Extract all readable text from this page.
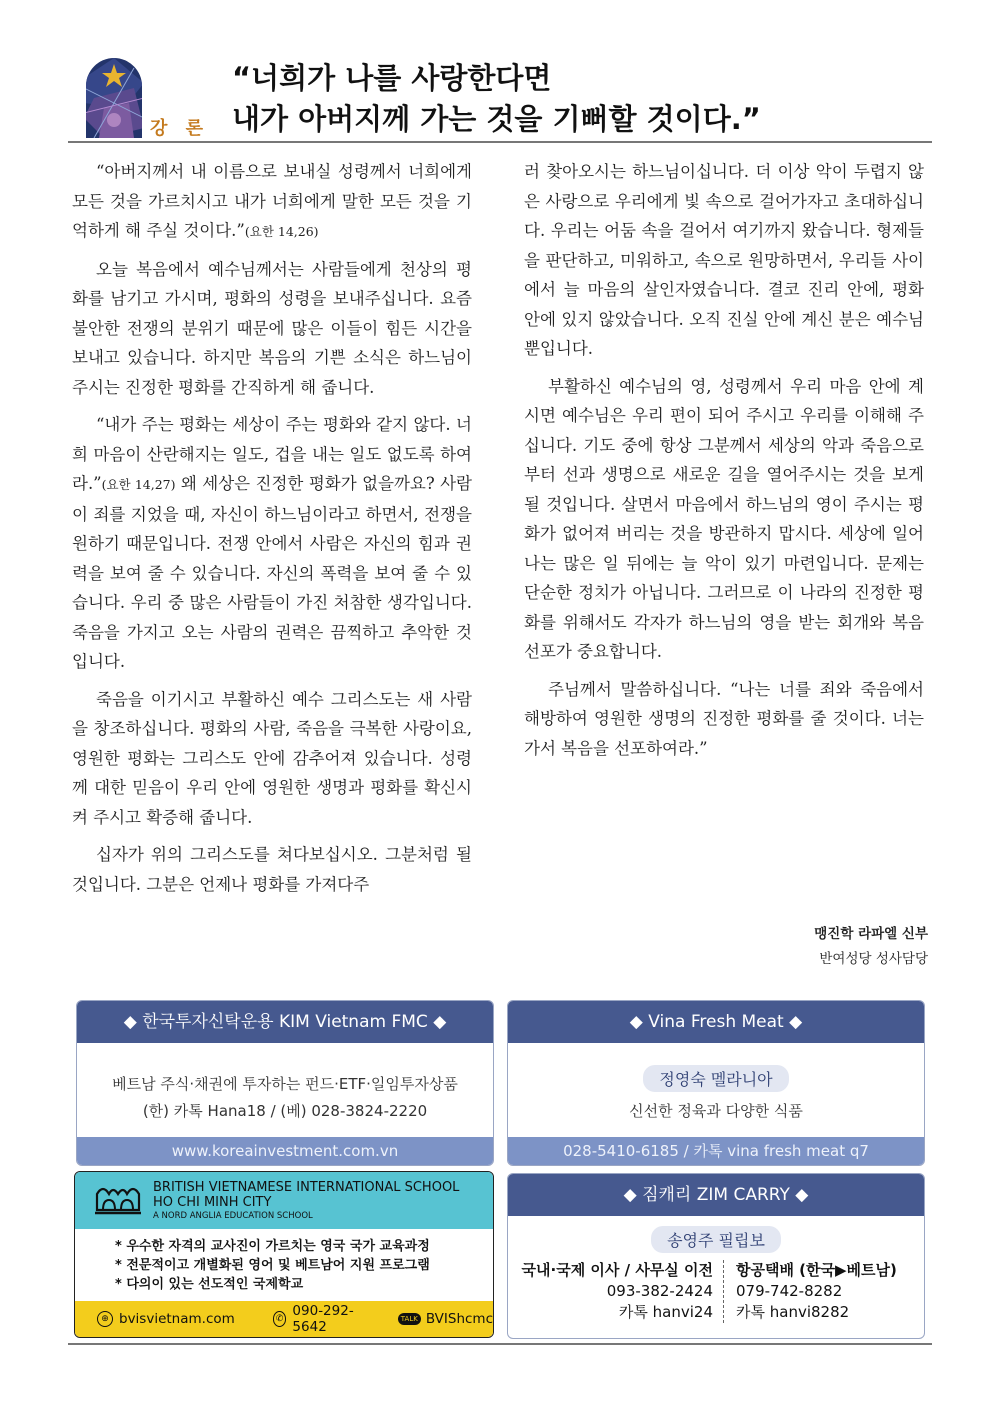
강 론
“너희가 나를 사랑한다면
내가 아버지께 가는 것을 기뻐할 것이다.”

“아버지께서 내 이름으로 보내실 성령께서 너희에게 모든 것을 가르치시고 내가 너희에게 말한 모든 것을 기억하게 해 주실 것이다.”(요한 14,26)

오늘 복음에서 예수님께서는 사람들에게 천상의 평화를 남기고 가시며, 평화의 성령을 보내주십니다. 요즘 불안한 전쟁의 분위기 때문에 많은 이들이 힘든 시간을 보내고 있습니다. 하지만 복음의 기쁜 소식은 하느님이 주시는 진정한 평화를 간직하게 해 줍니다.

“내가 주는 평화는 세상이 주는 평화와 같지 않다. 너희 마음이 산란해지는 일도, 겁을 내는 일도 없도록 하여라.”(요한 14,27) 왜 세상은 진정한 평화가 없을까요? 사람이 죄를 지었을 때, 자신이 하느님이라고 하면서, 전쟁을 원하기 때문입니다. 전쟁 안에서 사람은 자신의 힘과 권력을 보여 줄 수 있습니다. 자신의 폭력을 보여 줄 수 있습니다. 우리 중 많은 사람들이 가진 처참한 생각입니다. 죽음을 가지고 오는 사람의 권력은 끔찍하고 추악한 것입니다.

죽음을 이기시고 부활하신 예수 그리스도는 새 사람을 창조하십니다. 평화의 사람, 죽음을 극복한 사랑이요, 영원한 평화는 그리스도 안에 감추어져 있습니다. 성령께 대한 믿음이 우리 안에 영원한 생명과 평화를 확신시켜 주시고 확증해 줍니다.

십자가 위의 그리스도를 쳐다보십시오. 그분처럼 될 것입니다. 그분은 언제나 평화를 가져다주

러 찾아오시는 하느님이십니다. 더 이상 악이 두렵지 않은 사랑으로 우리에게 빛 속으로 걸어가자고 초대하십니다. 우리는 어둠 속을 걸어서 여기까지 왔습니다. 형제들을 판단하고, 미워하고, 속으로 원망하면서, 우리들 사이에서 늘 마음의 살인자였습니다. 결코 진리 안에, 평화 안에 있지 않았습니다. 오직 진실 안에 계신 분은 예수님뿐입니다.

부활하신 예수님의 영, 성령께서 우리 마음 안에 계시면 예수님은 우리 편이 되어 주시고 우리를 이해해 주십니다. 기도 중에 항상 그분께서 세상의 악과 죽음으로부터 선과 생명으로 새로운 길을 열어주시는 것을 보게 될 것입니다. 살면서 마음에서 하느님의 영이 주시는 평화가 없어져 버리는 것을 방관하지 맙시다. 세상에 일어나는 많은 일 뒤에는 늘 악이 있기 마련입니다. 문제는 단순한 정치가 아닙니다. 그러므로 이 나라의 진정한 평화를 위해서도 각자가 하느님의 영을 받는 회개와 복음선포가 중요합니다.

주님께서 말씀하십니다. “나는 너를 죄와 죽음에서 해방하여 영원한 생명의 진정한 평화를 줄 것이다. 너는 가서 복음을 선포하여라.”

맹진학 라파엘 신부
반여성당 성사담당
◆ 한국투자신탁운용 KIM Vietnam FMC ◆
베트남 주식·채권에 투자하는 펀드·ETF·일임투자상품
(한) 카톡 Hana18 / (베) 028-3824-2220
www.koreainvestment.com.vn
◆ Vina Fresh Meat ◆
정영숙 멜라니아
신선한 정육과 다양한 식품
028-5410-6185 / 카톡 vina fresh meat q7
BRITISH VIETNAMESE INTERNATIONAL SCHOOL
HO CHI MINH CITY
A NORD ANGLIA EDUCATION SCHOOL
* 우수한 자격의 교사진이 가르치는 영국 국가 교육과정
* 전문적이고 개별화된 영어 및 베트남어 지원 프로그램
* 다의이 있는 선도적인 국제학교
⊕ bvisvietnam.com	✆ 090-292-5642	TALK BVIShcmc
◆ 짐캐리 ZIM CARRY ◆
송영주 필립보
국내·국제 이사 / 사무실 이전
093-382-2424
카톡 hanvi24
항공택배 (한국▶베트남)
079-742-8282
카톡 hanvi8282
